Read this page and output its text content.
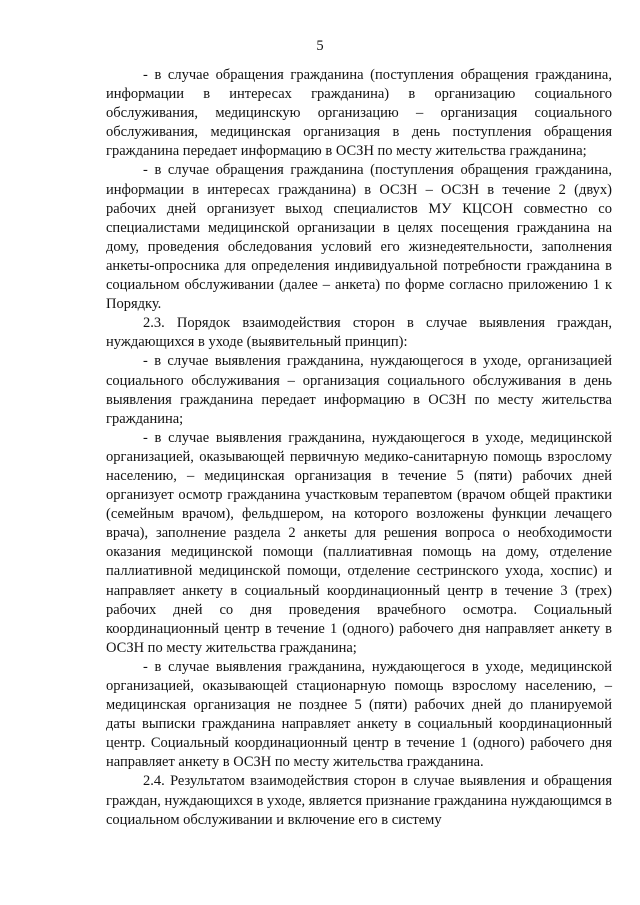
5

- в случае обращения гражданина (поступления обращения гражданина, информации в интересах гражданина) в организацию социального обслуживания, медицинскую организацию – организация социального обслуживания, медицинская организация в день поступления обращения гражданина передает информацию в ОСЗН по месту жительства гражданина;

- в случае обращения гражданина (поступления обращения гражданина, информации в интересах гражданина) в ОСЗН – ОСЗН в течение 2 (двух) рабочих дней организует выход специалистов МУ КЦСОН совместно со специалистами медицинской организации в целях посещения гражданина на дому, проведения обследования условий его жизнедеятельности, заполнения анкеты-опросника для определения индивидуальной потребности гражданина в социальном обслуживании (далее – анкета) по форме согласно приложению 1 к Порядку.

2.3. Порядок взаимодействия сторон в случае выявления граждан, нуждающихся в уходе (выявительный принцип):

- в случае выявления гражданина, нуждающегося в уходе, организацией социального обслуживания – организация социального обслуживания в день выявления гражданина передает информацию в ОСЗН по месту жительства гражданина;

- в случае выявления гражданина, нуждающегося в уходе, медицинской организацией, оказывающей первичную медико-санитарную помощь взрослому населению, – медицинская организация в течение 5 (пяти) рабочих дней организует осмотр гражданина участковым терапевтом (врачом общей практики (семейным врачом), фельдшером, на которого возложены функции лечащего врача), заполнение раздела 2 анкеты для решения вопроса о необходимости оказания медицинской помощи (паллиативная помощь на дому, отделение паллиативной медицинской помощи, отделение сестринского ухода, хоспис) и направляет анкету в социальный координационный центр в течение 3 (трех) рабочих дней со дня проведения врачебного осмотра. Социальный координационный центр в течение 1 (одного) рабочего дня направляет анкету в ОСЗН по месту жительства гражданина;

- в случае выявления гражданина, нуждающегося в уходе, медицинской организацией, оказывающей стационарную помощь взрослому населению, – медицинская организация не позднее 5 (пяти) рабочих дней до планируемой даты выписки гражданина направляет анкету в социальный координационный центр. Социальный координационный центр в течение 1 (одного) рабочего дня направляет анкету в ОСЗН по месту жительства гражданина.

2.4. Результатом взаимодействия сторон в случае выявления и обращения граждан, нуждающихся в уходе, является признание гражданина нуждающимся в социальном обслуживании и включение его в систему
